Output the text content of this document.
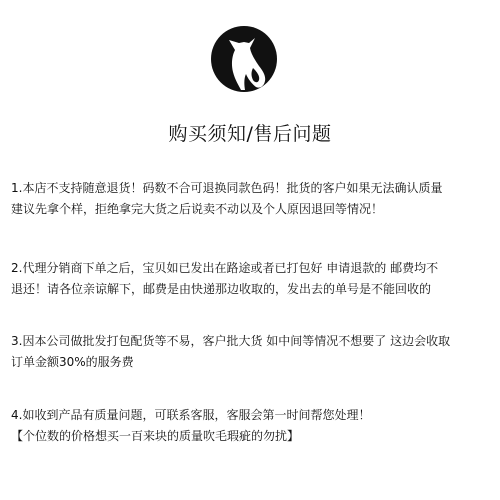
购买须知/售后问题
1.本店不支持随意退货！码数不合可退换同款色码！批货的客户如果无法确认质量
建议先拿个样，拒绝拿完大货之后说卖不动以及个人原因退回等情况！
2.代理分销商下单之后，宝贝如已发出在路途或者已打包好 申请退款的 邮费均不
退还！请各位亲谅解下，邮费是由快递那边收取的，发出去的单号是不能回收的
3.因本公司做批发打包配货等不易，客户批大货 如中间等情况不想要了 这边会收取
订单金额30%的服务费
4.如收到产品有质量问题，可联系客服，客服会第一时间帮您处理！
【个位数的价格想买一百来块的质量吹毛瑕疵的勿扰】
